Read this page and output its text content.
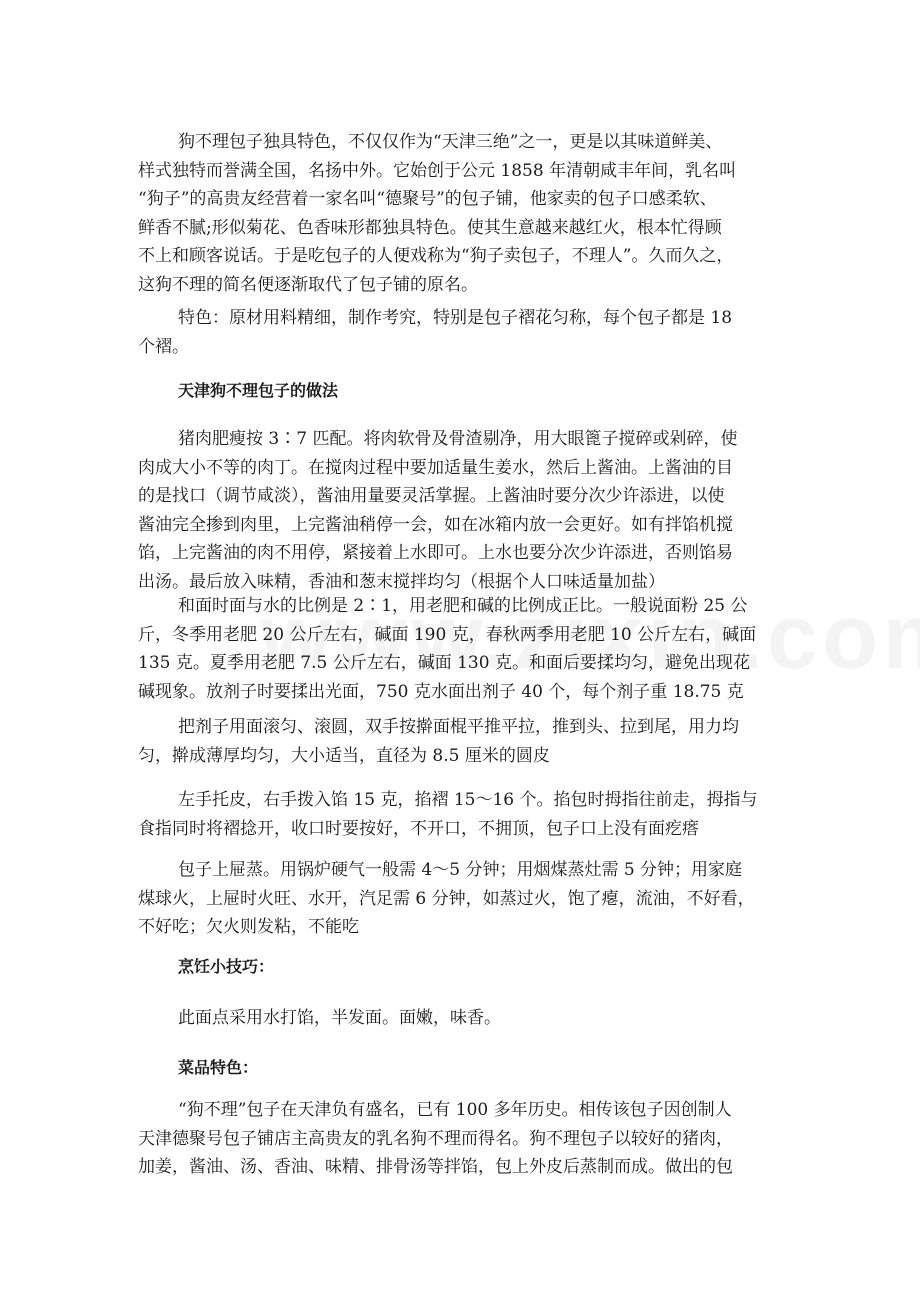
狗不理包子独具特色，不仅仅作为“天津三绝”之一，更是以其味道鲜美、
样式独特而誉满全国，名扬中外。它始创于公元 1858 年清朝咸丰年间，乳名叫
“狗子”的高贵友经营着一家名叫“德聚号”的包子铺，他家卖的包子口感柔软、
鲜香不腻;形似菊花、色香味形都独具特色。使其生意越来越红火，根本忙得顾
不上和顾客说话。于是吃包子的人便戏称为“狗子卖包子，不理人”。久而久之，
这狗不理的简名便逐渐取代了包子铺的原名。
特色：原材用料精细，制作考究，特别是包子褶花匀称，每个包子都是 18
个褶。
天津狗不理包子的做法
猪肉肥瘦按 3∶7 匹配。将肉软骨及骨渣剔净，用大眼篦子搅碎或剁碎，使
肉成大小不等的肉丁。在搅肉过程中要加适量生姜水，然后上酱油。上酱油的目
的是找口（调节咸淡），酱油用量要灵活掌握。上酱油时要分次少许添进，以使
酱油完全掺到肉里，上完酱油稍停一会，如在冰箱内放一会更好。如有拌馅机搅
馅，上完酱油的肉不用停，紧接着上水即可。上水也要分次少许添进，否则馅易
出汤。最后放入味精，香油和葱末搅拌均匀（根据个人口味适量加盐）
和面时面与水的比例是 2∶1，用老肥和碱的比例成正比。一般说面粉 25 公
斤，冬季用老肥 20 公斤左右，碱面 190 克，春秋两季用老肥 10 公斤左右，碱面
135 克。夏季用老肥 7.5 公斤左右，碱面 130 克。和面后要揉均匀，避免出现花
碱现象。放剂子时要揉出光面，750 克水面出剂子 40 个，每个剂子重 18.75 克
把剂子用面滚匀、滚圆，双手按擀面棍平推平拉，推到头、拉到尾，用力均
匀，擀成薄厚均匀，大小适当，直径为 8.5 厘米的圆皮
左手托皮，右手拨入馅 15 克，掐褶 15～16 个。掐包时拇指往前走，拇指与
食指同时将褶捻开，收口时要按好，不开口，不拥顶，包子口上没有面疙瘩
包子上屉蒸。用锅炉硬气一般需 4～5 分钟；用烟煤蒸灶需 5 分钟；用家庭
煤球火，上屉时火旺、水开，汽足需 6 分钟，如蒸过火，饱了瘪，流油，不好看，
不好吃；欠火则发粘，不能吃
烹饪小技巧：
此面点采用水打馅，半发面。面嫩，味香。
菜品特色：
“狗不理”包子在天津负有盛名，已有 100 多年历史。相传该包子因创制人
天津德聚号包子铺店主高贵友的乳名狗不理而得名。狗不理包子以较好的猪肉，
加姜，酱油、汤、香油、味精、排骨汤等拌馅，包上外皮后蒸制而成。做出的包
